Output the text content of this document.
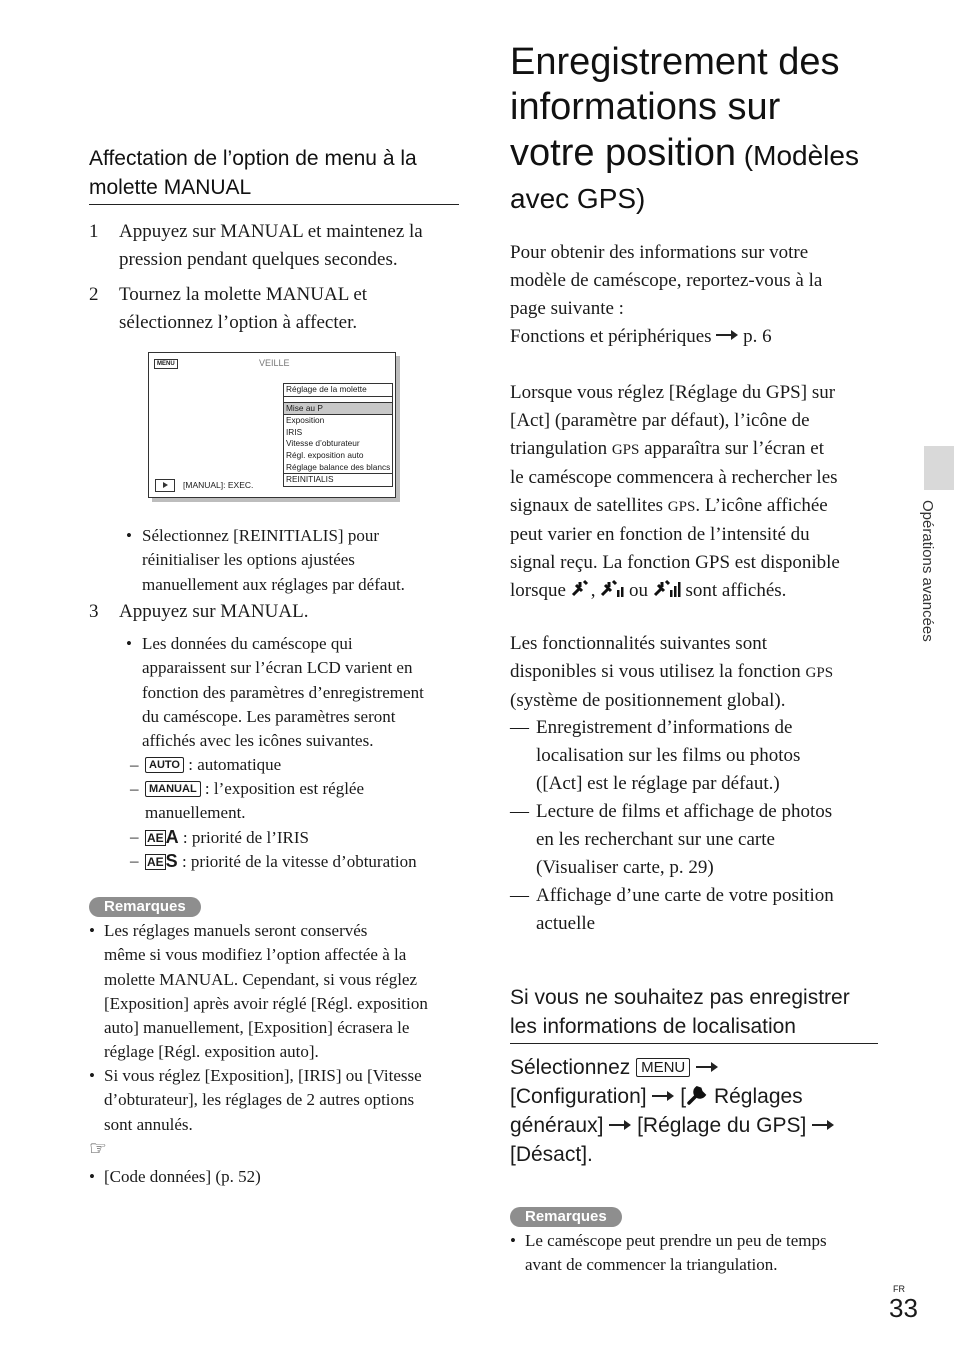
Affectation de l’option de menu à la molette MANUAL
1 Appuyez sur MANUAL et maintenez la
pression pendant quelques secondes.
2 Tournez la molette MANUAL et
sélectionnez l’option à affecter.
MENU	VEILLE
Réglage de la molette
Mise au P
Exposition
IRIS
Vitesse d’obturateur
Régl. exposition auto
Réglage balance des blancs
REINITIALIS
[MANUAL]: EXEC.
• Sélectionnez [REINITIALIS] pour
réinitialiser les options ajustées
manuellement aux réglages par défaut.
3 Appuyez sur MANUAL.
• Les données du caméscope qui
apparaissent sur l’écran LCD varient en
fonction des paramètres d’enregistrement
du caméscope. Les paramètres seront
affichés avec les icônes suivantes.
– AUTO : automatique
– MANUAL : l’exposition est réglée
manuellement.
– AE A : priorité de l’IRIS
– AE S : priorité de la vitesse d’obturation
Remarques
• Les réglages manuels seront conservés
même si vous modifiez l’option affectée à la
molette MANUAL. Cependant, si vous réglez
[Exposition] après avoir réglé [Régl. exposition
auto] manuellement, [Exposition] écrasera le
réglage [Régl. exposition auto].
• Si vous réglez [Exposition], [IRIS] ou [Vitesse
d’obturateur], les réglages de 2 autres options
sont annulés.
☞
• [Code données] (p. 52)
Enregistrement des
informations sur
votre position (Modèles
avec GPS)
Pour obtenir des informations sur votre
modèle de caméscope, reportez-vous à la
page suivante :
Fonctions et périphériques p. 6
Lorsque vous réglez [Réglage du GPS] sur
[Act] (paramètre par défaut), l’icône de
triangulation GPS apparaîtra sur l’écran et
le caméscope commencera à rechercher les
signaux de satellites GPS. L’icône affichée
peut varier en fonction de l’intensité du
signal reçu. La fonction GPS est disponible
lorsque ,  ou  sont affichés.
Les fonctionnalités suivantes sont
disponibles si vous utilisez la fonction GPS
(système de positionnement global).
— Enregistrement d’informations de
localisation sur les films ou photos
([Act] est le réglage par défaut.)
— Lecture de films et affichage de photos
en les recherchant sur une carte
(Visualiser carte, p. 29)
— Affichage d’une carte de votre position
actuelle
Si vous ne souhaitez pas enregistrer les informations de localisation
Sélectionnez MENU
[Configuration] [ Réglages
généraux] [Réglage du GPS]
[Désact].
Remarques
• Le caméscope peut prendre un peu de temps
avant de commencer la triangulation.
Opérations avancées
FR
33
